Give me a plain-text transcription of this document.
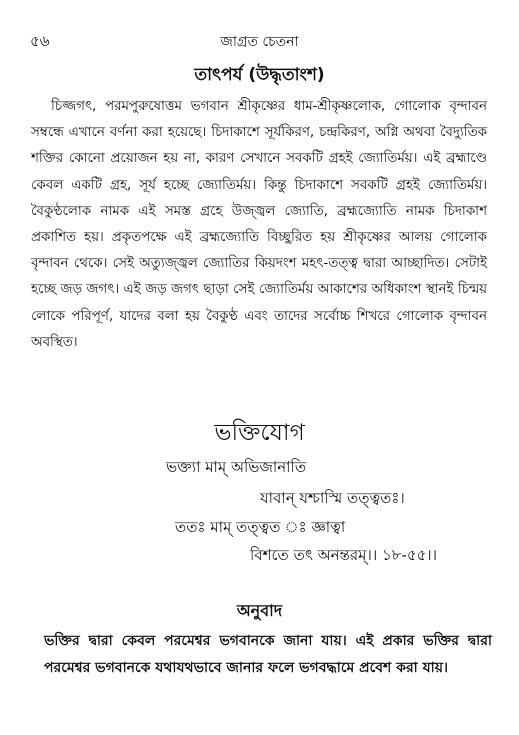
৫৬	জাগ্রত চেতনা
তাৎপর্য (উদ্ধৃতাংশ)

চিজ্জগৎ, পরমপুরুষোত্তম ভগবান শ্রীকৃষ্ণের ধাম-শ্রীকৃষ্ণলোক, গোলোক বৃন্দাবন সম্বন্ধে এখানে বর্ণনা করা হয়েছে। চিদাকাশে সূর্যকিরণ, চন্দ্রকিরণ, অগ্নি অথবা বৈদ্যুতিক শক্তির কোনো প্রয়োজন হয় না, কারণ সেখানে সবকটি গ্রহই জ্যোতির্ময়। এই ব্রহ্মাণ্ডে কেবল একটি গ্রহ, সূর্য হচ্ছে জ্যোতির্ময়। কিন্তু চিদাকাশে সবকটি গ্রহই জ্যোতির্ময়। বৈকুণ্ঠলোক নামক এই সমস্ত গ্রহে উজ্জ্বল জ্যোতি, ব্রহ্মজ্যোতি নামক চিদাকাশ প্রকাশিত হয়। প্রকৃতপক্ষে এই ব্রহ্মজ্যোতি বিচ্ছুরিত হয় শ্রীকৃষ্ণের আলয় গোলোক বৃন্দাবন থেকে। সেই অত্যুজ্জ্বল জ্যোতির কিয়দংশ মহৎ-তত্ত্ব দ্বারা আচ্ছাদিত। সেটাই হচ্ছে জড় জগৎ। এই জড় জগৎ ছাড়া সেই জ্যোতির্ময় আকাশের অধিকাংশ স্থানই চিন্ময় লোকে পরিপূর্ণ, যাদের বলা হয় বৈকুণ্ঠ এবং তাদের সর্বোচ্চ শিখরে গোলোক বৃন্দাবন অবস্থিত।

ভক্তিযোগ
ভক্ত্যা মাম্ অভিজানাতি
যাবান্ যশ্চাস্মি তত্ত্বতঃ।
ততঃ মাম্ তত্ত্বত ঃ জ্ঞাত্বা
বিশতে তৎ অনন্তরম্।। ১৮-৫৫।।
অনুবাদ

ভক্তির দ্বারা কেবল পরমেশ্বর ভগবানকে জানা যায়। এই প্রকার ভক্তির দ্বারা পরমেশ্বর ভগবানকে যথাযথভাবে জানার ফলে ভগবদ্ধামে প্রবেশ করা যায়।
